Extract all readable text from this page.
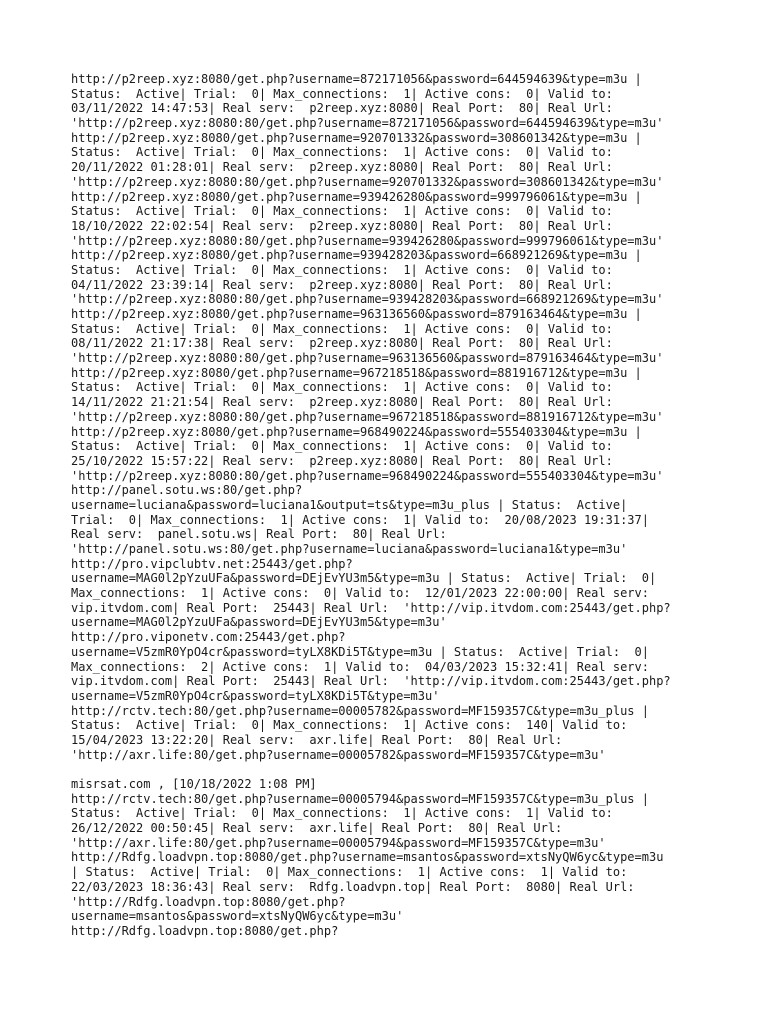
http://p2reep.xyz:8080/get.php?username=872171056&password=644594639&type=m3u |
Status:  Active| Trial:  0| Max_connections:  1| Active cons:  0| Valid to:
03/11/2022 14:47:53| Real serv:  p2reep.xyz:8080| Real Port:  80| Real Url:
'http://p2reep.xyz:8080:80/get.php?username=872171056&password=644594639&type=m3u'
http://p2reep.xyz:8080/get.php?username=920701332&password=308601342&type=m3u |
Status:  Active| Trial:  0| Max_connections:  1| Active cons:  0| Valid to:
20/11/2022 01:28:01| Real serv:  p2reep.xyz:8080| Real Port:  80| Real Url:
'http://p2reep.xyz:8080:80/get.php?username=920701332&password=308601342&type=m3u'
http://p2reep.xyz:8080/get.php?username=939426280&password=999796061&type=m3u |
Status:  Active| Trial:  0| Max_connections:  1| Active cons:  0| Valid to:
18/10/2022 22:02:54| Real serv:  p2reep.xyz:8080| Real Port:  80| Real Url:
'http://p2reep.xyz:8080:80/get.php?username=939426280&password=999796061&type=m3u'
http://p2reep.xyz:8080/get.php?username=939428203&password=668921269&type=m3u |
Status:  Active| Trial:  0| Max_connections:  1| Active cons:  0| Valid to:
04/11/2022 23:39:14| Real serv:  p2reep.xyz:8080| Real Port:  80| Real Url:
'http://p2reep.xyz:8080:80/get.php?username=939428203&password=668921269&type=m3u'
http://p2reep.xyz:8080/get.php?username=963136560&password=879163464&type=m3u |
Status:  Active| Trial:  0| Max_connections:  1| Active cons:  0| Valid to:
08/11/2022 21:17:38| Real serv:  p2reep.xyz:8080| Real Port:  80| Real Url:
'http://p2reep.xyz:8080:80/get.php?username=963136560&password=879163464&type=m3u'
http://p2reep.xyz:8080/get.php?username=967218518&password=881916712&type=m3u |
Status:  Active| Trial:  0| Max_connections:  1| Active cons:  0| Valid to:
14/11/2022 21:21:54| Real serv:  p2reep.xyz:8080| Real Port:  80| Real Url:
'http://p2reep.xyz:8080:80/get.php?username=967218518&password=881916712&type=m3u'
http://p2reep.xyz:8080/get.php?username=968490224&password=555403304&type=m3u |
Status:  Active| Trial:  0| Max_connections:  1| Active cons:  0| Valid to:
25/10/2022 15:57:22| Real serv:  p2reep.xyz:8080| Real Port:  80| Real Url:
'http://p2reep.xyz:8080:80/get.php?username=968490224&password=555403304&type=m3u'
http://panel.sotu.ws:80/get.php?
username=luciana&password=luciana1&output=ts&type=m3u_plus | Status:  Active|
Trial:  0| Max_connections:  1| Active cons:  1| Valid to:  20/08/2023 19:31:37|
Real serv:  panel.sotu.ws| Real Port:  80| Real Url:
'http://panel.sotu.ws:80/get.php?username=luciana&password=luciana1&type=m3u'
http://pro.vipclubtv.net:25443/get.php?
username=MAG0l2pYzuUFa&password=DEjEvYU3m5&type=m3u | Status:  Active| Trial:  0|
Max_connections:  1| Active cons:  0| Valid to:  12/01/2023 22:00:00| Real serv:
vip.itvdom.com| Real Port:  25443| Real Url:  'http://vip.itvdom.com:25443/get.php?
username=MAG0l2pYzuUFa&password=DEjEvYU3m5&type=m3u'
http://pro.viponetv.com:25443/get.php?
username=V5zmR0YpO4cr&password=tyLX8KDi5T&type=m3u | Status:  Active| Trial:  0|
Max_connections:  2| Active cons:  1| Valid to:  04/03/2023 15:32:41| Real serv:
vip.itvdom.com| Real Port:  25443| Real Url:  'http://vip.itvdom.com:25443/get.php?
username=V5zmR0YpO4cr&password=tyLX8KDi5T&type=m3u'
http://rctv.tech:80/get.php?username=00005782&password=MF159357C&type=m3u_plus |
Status:  Active| Trial:  0| Max_connections:  1| Active cons:  140| Valid to:
15/04/2023 13:22:20| Real serv:  axr.life| Real Port:  80| Real Url:
'http://axr.life:80/get.php?username=00005782&password=MF159357C&type=m3u'
misrsat.com , [10/18/2022 1:08 PM]
http://rctv.tech:80/get.php?username=00005794&password=MF159357C&type=m3u_plus |
Status:  Active| Trial:  0| Max_connections:  1| Active cons:  1| Valid to:
26/12/2022 00:50:45| Real serv:  axr.life| Real Port:  80| Real Url:
'http://axr.life:80/get.php?username=00005794&password=MF159357C&type=m3u'
http://Rdfg.loadvpn.top:8080/get.php?username=msantos&password=xtsNyQW6yc&type=m3u
| Status:  Active| Trial:  0| Max_connections:  1| Active cons:  1| Valid to:
22/03/2023 18:36:43| Real serv:  Rdfg.loadvpn.top| Real Port:  8080| Real Url:
'http://Rdfg.loadvpn.top:8080/get.php?
username=msantos&password=xtsNyQW6yc&type=m3u'
http://Rdfg.loadvpn.top:8080/get.php?
